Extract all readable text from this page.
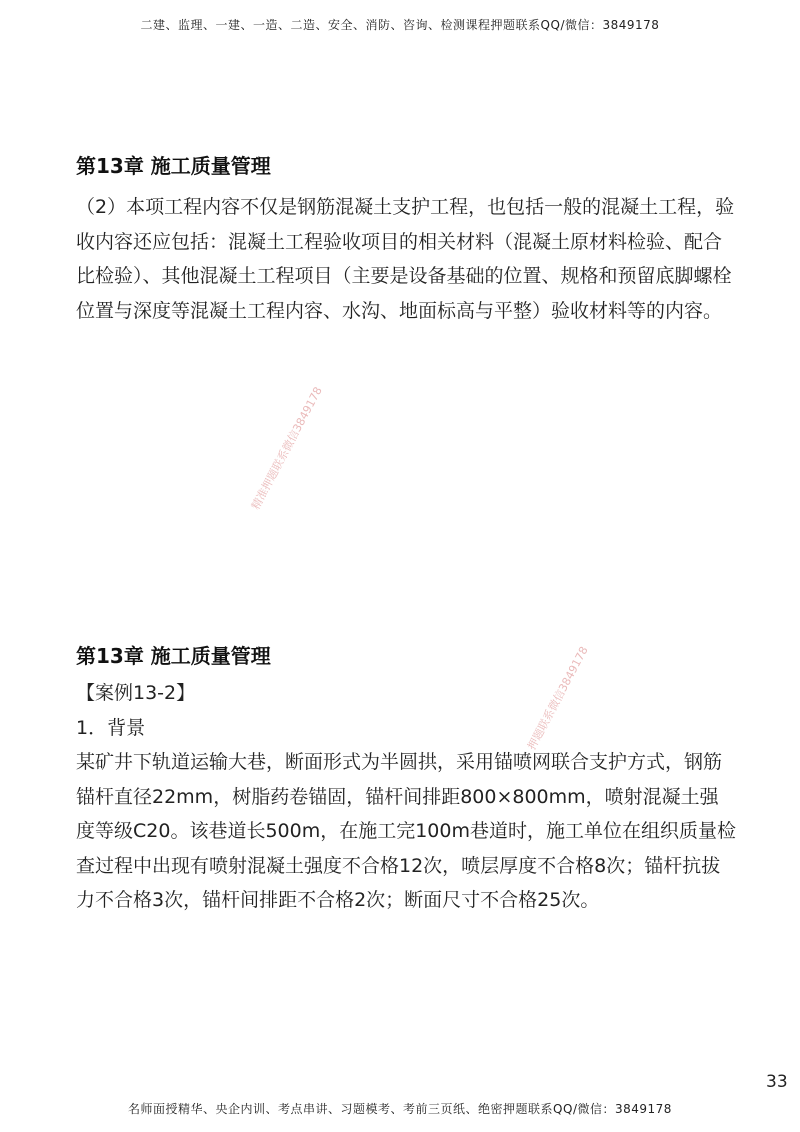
二建、监理、一建、一造、二造、安全、消防、咨询、检测课程押题联系QQ/微信：3849178
第13章 施工质量管理

（2）本项工程内容不仅是钢筋混凝土支护工程，也包括一般的混凝土工程，验收内容还应包括：混凝土工程验收项目的相关材料（混凝土原材料检验、配合比检验）、其他混凝土工程项目（主要是设备基础的位置、规格和预留底脚螺栓位置与深度等混凝土工程内容、水沟、地面标高与平整）验收材料等的内容。

精准押题联系微信3849178
押题联系微信3849178
第13章 施工质量管理

【案例13-2】

1．背景

某矿井下轨道运输大巷，断面形式为半圆拱，采用锚喷网联合支护方式，钢筋锚杆直径22mm，树脂药卷锚固，锚杆间排距800×800mm，喷射混凝土强度等级C20。该巷道长500m，在施工完100m巷道时，施工单位在组织质量检查过程中出现有喷射混凝土强度不合格12次，喷层厚度不合格8次；锚杆抗拔力不合格3次，锚杆间排距不合格2次；断面尺寸不合格25次。

33
名师面授精华、央企内训、考点串讲、习题模考、考前三页纸、绝密押题联系QQ/微信：3849178
